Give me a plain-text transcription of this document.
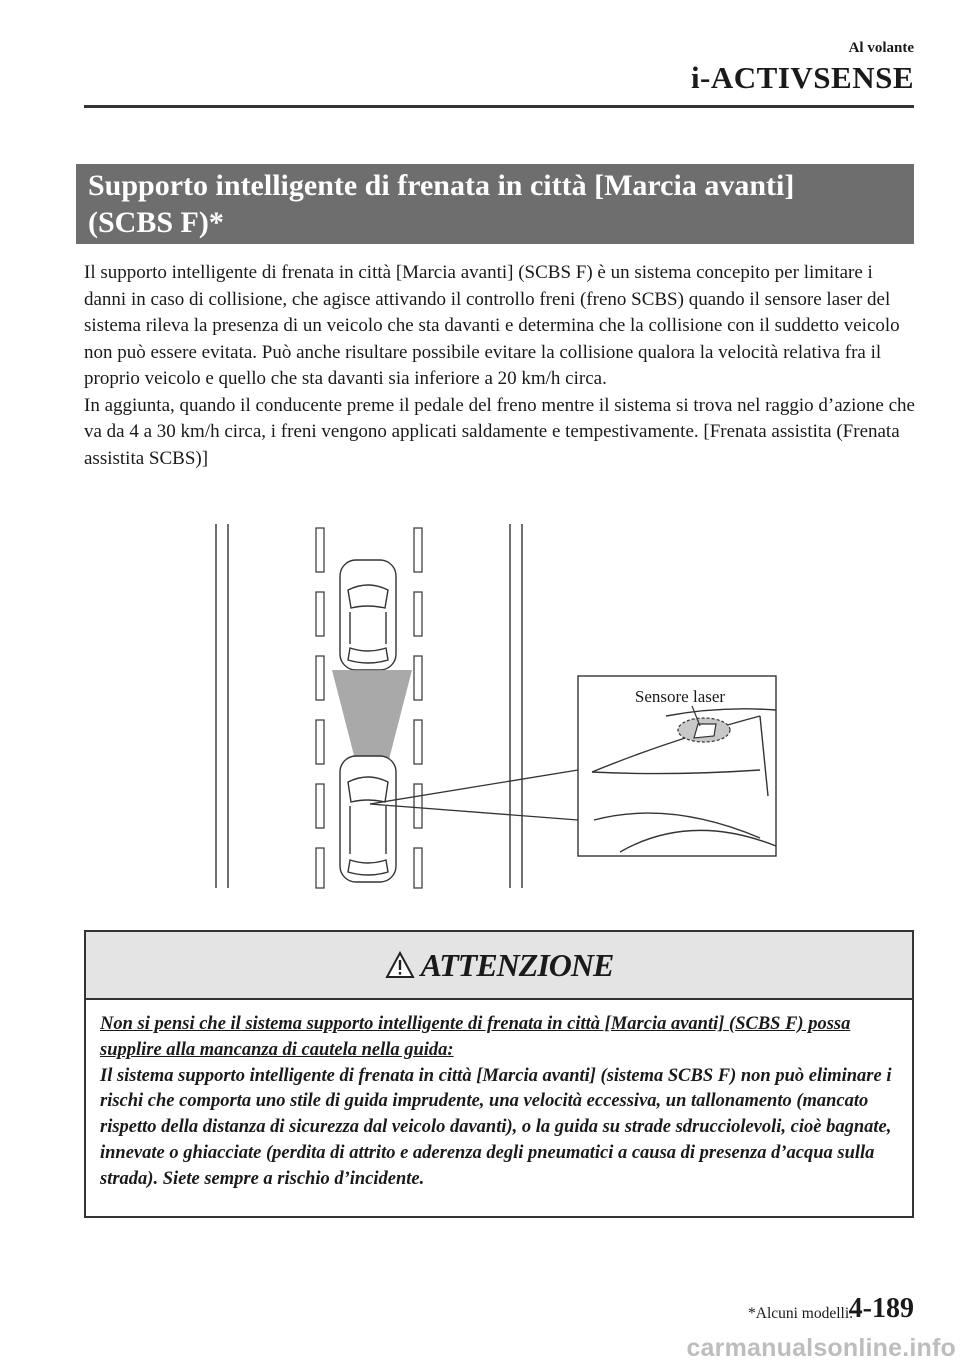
Al volante
i-ACTIVSENSE
Supporto intelligente di frenata in città [Marcia avanti]
(SCBS F)*

Il supporto intelligente di frenata in città [Marcia avanti] (SCBS F) è un sistema concepito per limitare i danni in caso di collisione, che agisce attivando il controllo freni (freno SCBS) quando il sensore laser del sistema rileva la presenza di un veicolo che sta davanti e determina che la collisione con il suddetto veicolo non può essere evitata. Può anche risultare possibile evitare la collisione qualora la velocità relativa fra il proprio veicolo e quello che sta davanti sia inferiore a 20 km/h circa.

In aggiunta, quando il conducente preme il pedale del freno mentre il sistema si trova nel raggio d’azione che va da 4 a 30 km/h circa, i freni vengono applicati saldamente e tempestivamente. [Frenata assistita (Frenata assistita SCBS)]

Sensore laser
ATTENZIONE
Non si pensi che il sistema supporto intelligente di frenata in città [Marcia avanti] (SCBS F) possa supplire alla mancanza di cautela nella guida:
Il sistema supporto intelligente di frenata in città [Marcia avanti] (sistema SCBS F) non può eliminare i rischi che comporta uno stile di guida imprudente, una velocità eccessiva, un tallonamento (mancato rispetto della distanza di sicurezza dal veicolo davanti), o la guida su strade sdrucciolevoli, cioè bagnate, innevate o ghiacciate (perdita di attrito e aderenza degli pneumatici a causa di presenza d’acqua sulla strada). Siete sempre a rischio d’incidente.
*Alcuni modelli.
4-189
carmanualsonline.info
